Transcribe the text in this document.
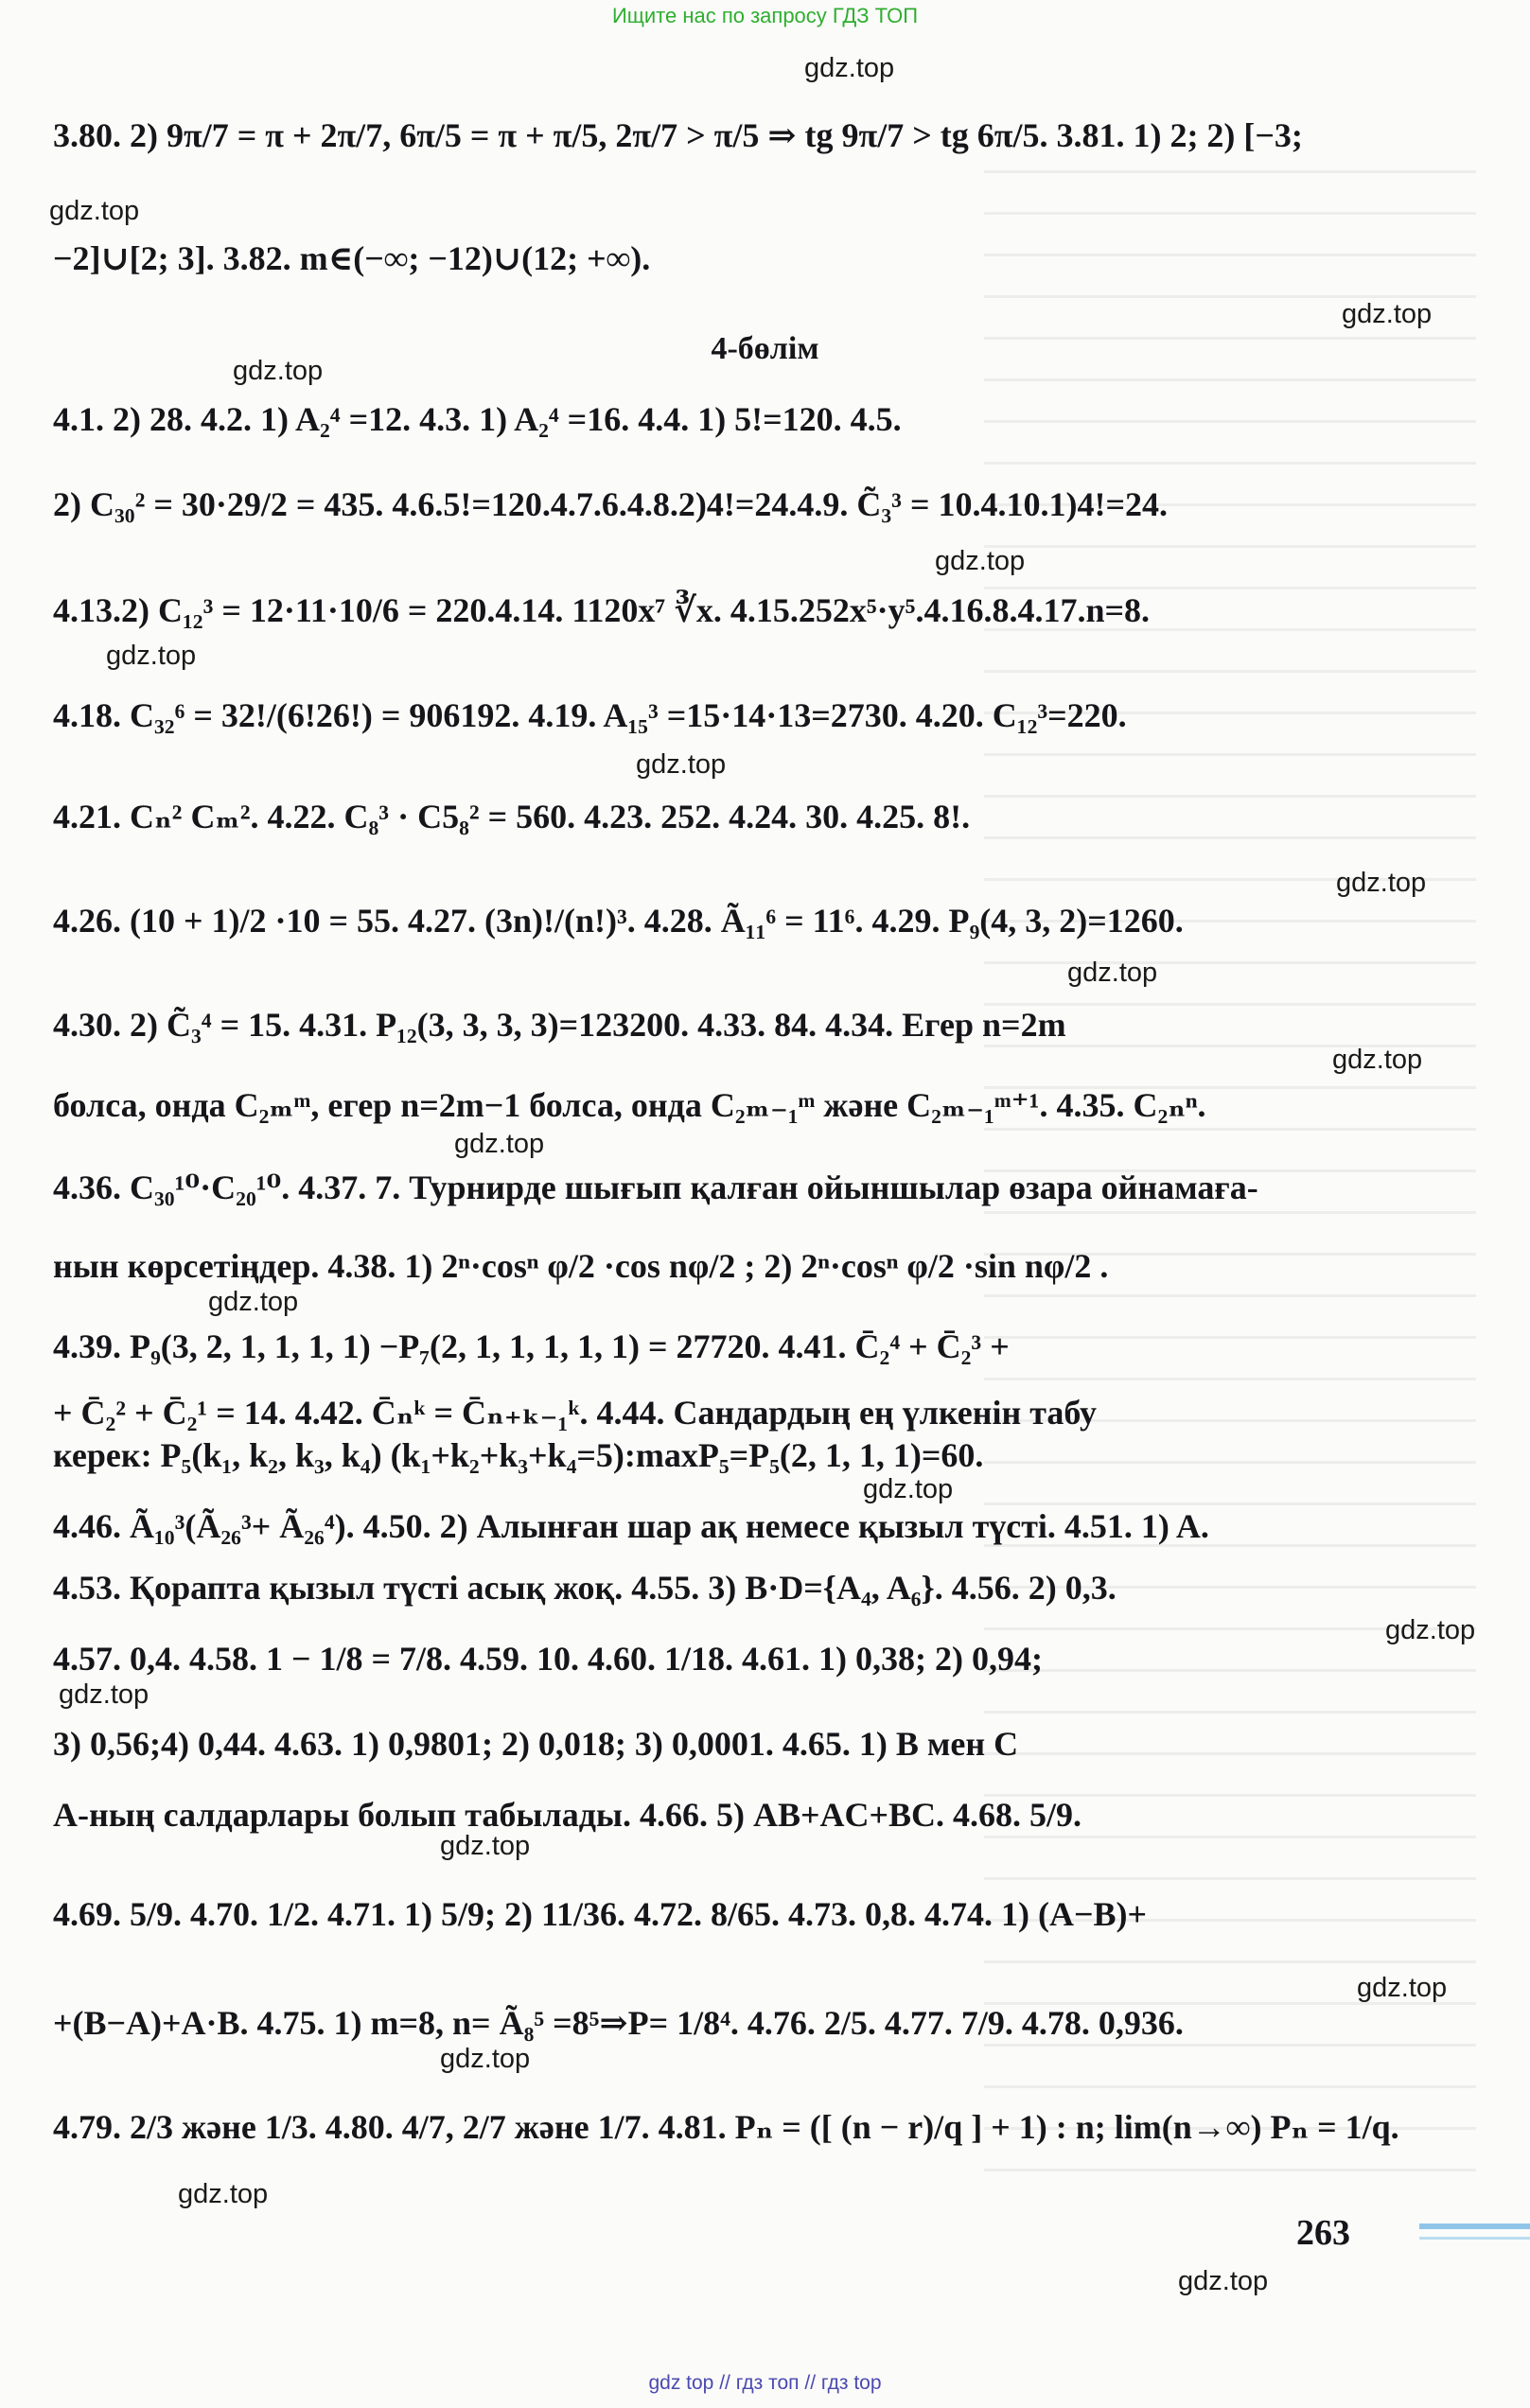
Ищите нас по запросу ГДЗ ТОП
3.80. 2) 9π/7 = π + 2π/7, 6π/5 = π + π/5, 2π/7 > π/5 ⇒ tg 9π/7 > tg 6π/5. 3.81. 1) 2; 2) [−3;
−2]∪[2; 3]. 3.82. m∈(−∞; −12)∪(12; +∞).
4-бөлім
4.1. 2) 28. 4.2. 1) A₂⁴ =12. 4.3. 1) A₂⁴ =16. 4.4. 1) 5!=120. 4.5.
2) C₃₀² = 30·29/2 = 435. 4.6.5!=120.4.7.6.4.8.2)4!=24.4.9. C̃₃³ = 10.4.10.1)4!=24.
4.13.2) C₁₂³ = 12·11·10/6 = 220.4.14. 1120x⁷ ∛x. 4.15.252x⁵·y⁵.4.16.8.4.17.n=8.
4.18. C₃₂⁶ = 32!/(6!26!) = 906192. 4.19. A₁₅³ =15·14·13=2730. 4.20. C₁₂³=220.
4.21. Cₙ² Cₘ². 4.22. C₈³ · C5₈² = 560. 4.23. 252. 4.24. 30. 4.25. 8!.
4.26. (10 + 1)/2 ·10 = 55. 4.27. (3n)!/(n!)³. 4.28. Ã₁₁⁶ = 11⁶. 4.29. P₉(4, 3, 2)=1260.
4.30. 2) C̃₃⁴ = 15. 4.31. P₁₂(3, 3, 3, 3)=123200. 4.33. 84. 4.34. Егер n=2m
болса, онда C₂ₘᵐ, егер n=2m−1 болса, онда C₂ₘ₋₁ᵐ және C₂ₘ₋₁ᵐ⁺¹. 4.35. C₂ₙⁿ.
4.36. C₃₀¹⁰·C₂₀¹⁰. 4.37. 7. Турнирде шығып қалған ойыншылар өзара ойнамаға-
нын көрсетіңдер. 4.38. 1) 2ⁿ·cosⁿ φ/2 ·cos nφ/2 ; 2) 2ⁿ·cosⁿ φ/2 ·sin nφ/2 .
4.39. P₉(3, 2, 1, 1, 1, 1) −P₇(2, 1, 1, 1, 1, 1) = 27720. 4.41. C̄₂⁴ + C̄₂³ +
+ C̄₂² + C̄₂¹ = 14. 4.42. C̄ₙᵏ = C̄ₙ₊ₖ₋₁ᵏ. 4.44. Сандардың ең үлкенін табу
керек: P₅(k₁, k₂, k₃, k₄) (k₁+k₂+k₃+k₄=5):maxP₅=P₅(2, 1, 1, 1)=60.
4.46. Ã₁₀³(Ã₂₆³+ Ã₂₆⁴). 4.50. 2) Алынған шар ақ немесе қызыл түсті. 4.51. 1) A.
4.53. Қорапта қызыл түсті асық жоқ. 4.55. 3) B·D={A₄, A₆}. 4.56. 2) 0,3.
4.57. 0,4. 4.58. 1 − 1/8 = 7/8. 4.59. 10. 4.60. 1/18. 4.61. 1) 0,38; 2) 0,94;
3) 0,56;4) 0,44. 4.63. 1) 0,9801; 2) 0,018; 3) 0,0001. 4.65. 1) B мен C
A-ның салдарлары болып табылады. 4.66. 5) AB+AC+BC. 4.68. 5/9.
4.69. 5/9. 4.70. 1/2. 4.71. 1) 5/9; 2) 11/36. 4.72. 8/65. 4.73. 0,8. 4.74. 1) (A−B)+
+(B−A)+A·B. 4.75. 1) m=8, n= Ã₈⁵ =8⁵⇒P= 1/8⁴. 4.76. 2/5. 4.77. 7/9. 4.78. 0,936.
4.79. 2/3 және 1/3. 4.80. 4/7, 2/7 және 1/7. 4.81. Pₙ = ([ (n − r)/q ] + 1) : n; lim(n→∞) Pₙ = 1/q.
263
gdz.top
gdz.top
gdz.top
gdz.top
gdz.top
gdz.top
gdz.top
gdz.top
gdz.top
gdz.top
gdz.top
gdz.top
gdz.top
gdz.top
gdz.top
gdz.top
gdz.top
gdz.top
gdz.top
gdz.top
gdz top // гдз топ // гдз top
